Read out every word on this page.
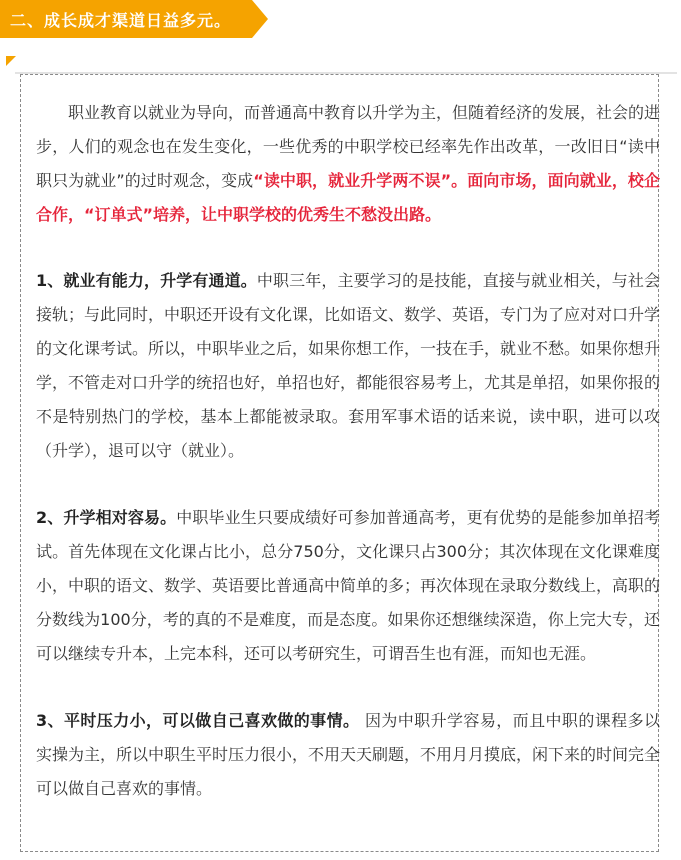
二、成长成才渠道日益多元。

职业教育以就业为导向，而普通高中教育以升学为主，但随着经济的发展，社会的进步，人们的观念也在发生变化，一些优秀的中职学校已经率先作出改革，一改旧日“读中职只为就业”的过时观念，变成“读中职，就业升学两不误”。面向市场，面向就业，校企合作，“订单式”培养，让中职学校的优秀生不愁没出路。

1、就业有能力，升学有通道。中职三年，主要学习的是技能，直接与就业相关，与社会接轨；与此同时，中职还开设有文化课，比如语文、数学、英语，专门为了应对对口升学的文化课考试。所以，中职毕业之后，如果你想工作，一技在手，就业不愁。如果你想升学，不管走对口升学的统招也好，单招也好，都能很容易考上，尤其是单招，如果你报的不是特别热门的学校，基本上都能被录取。套用军事术语的话来说，读中职，进可以攻（升学），退可以守（就业）。

2、升学相对容易。中职毕业生只要成绩好可参加普通高考，更有优势的是能参加单招考试。首先体现在文化课占比小，总分750分，文化课只占300分；其次体现在文化课难度小，中职的语文、数学、英语要比普通高中简单的多；再次体现在录取分数线上，高职的分数线为100分，考的真的不是难度，而是态度。如果你还想继续深造，你上完大专，还可以继续专升本，上完本科，还可以考研究生，可谓吾生也有涯，而知也无涯。

3、平时压力小，可以做自己喜欢做的事情。 因为中职升学容易，而且中职的课程多以实操为主，所以中职生平时压力很小，不用天天刷题，不用月月摸底，闲下来的时间完全可以做自己喜欢的事情。
